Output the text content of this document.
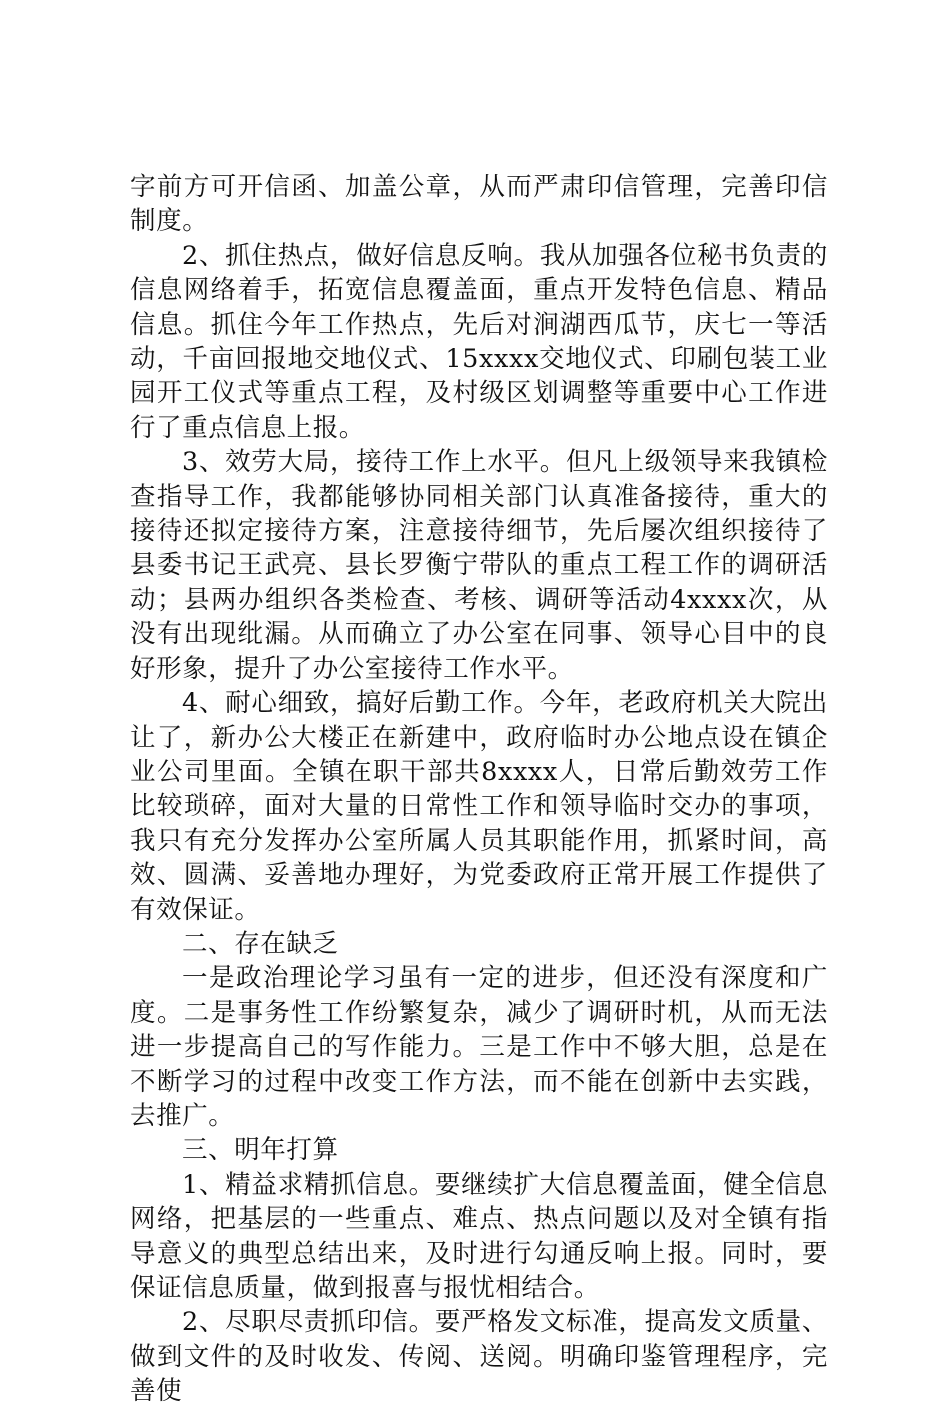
字前方可开信函、加盖公章，从而严肃印信管理，完善印信制度。

2、抓住热点，做好信息反响。我从加强各位秘书负责的信息网络着手，拓宽信息覆盖面，重点开发特色信息、精品信息。抓住今年工作热点，先后对涧湖西瓜节，庆七一等活动，千亩回报地交地仪式、15xxxx交地仪式、印刷包装工业园开工仪式等重点工程，及村级区划调整等重要中心工作进行了重点信息上报。

3、效劳大局，接待工作上水平。但凡上级领导来我镇检查指导工作，我都能够协同相关部门认真准备接待，重大的接待还拟定接待方案，注意接待细节，先后屡次组织接待了县委书记王武亮、县长罗衡宁带队的重点工程工作的调研活动；县两办组织各类检查、考核、调研等活动4xxxx次，从没有出现纰漏。从而确立了办公室在同事、领导心目中的良好形象，提升了办公室接待工作水平。

4、耐心细致，搞好后勤工作。今年，老政府机关大院出让了，新办公大楼正在新建中，政府临时办公地点设在镇企业公司里面。全镇在职干部共8xxxx人，日常后勤效劳工作比较琐碎，面对大量的日常性工作和领导临时交办的事项，我只有充分发挥办公室所属人员其职能作用，抓紧时间，高效、圆满、妥善地办理好，为党委政府正常开展工作提供了有效保证。

二、存在缺乏

一是政治理论学习虽有一定的进步，但还没有深度和广度。二是事务性工作纷繁复杂，减少了调研时机，从而无法进一步提高自己的写作能力。三是工作中不够大胆，总是在不断学习的过程中改变工作方法，而不能在创新中去实践，去推广。

三、明年打算

1、精益求精抓信息。要继续扩大信息覆盖面，健全信息网络，把基层的一些重点、难点、热点问题以及对全镇有指导意义的典型总结出来，及时进行勾通反响上报。同时，要保证信息质量，做到报喜与报忧相结合。

2、尽职尽责抓印信。要严格发文标准，提高发文质量、做到文件的及时收发、传阅、送阅。明确印鉴管理程序，完善使
